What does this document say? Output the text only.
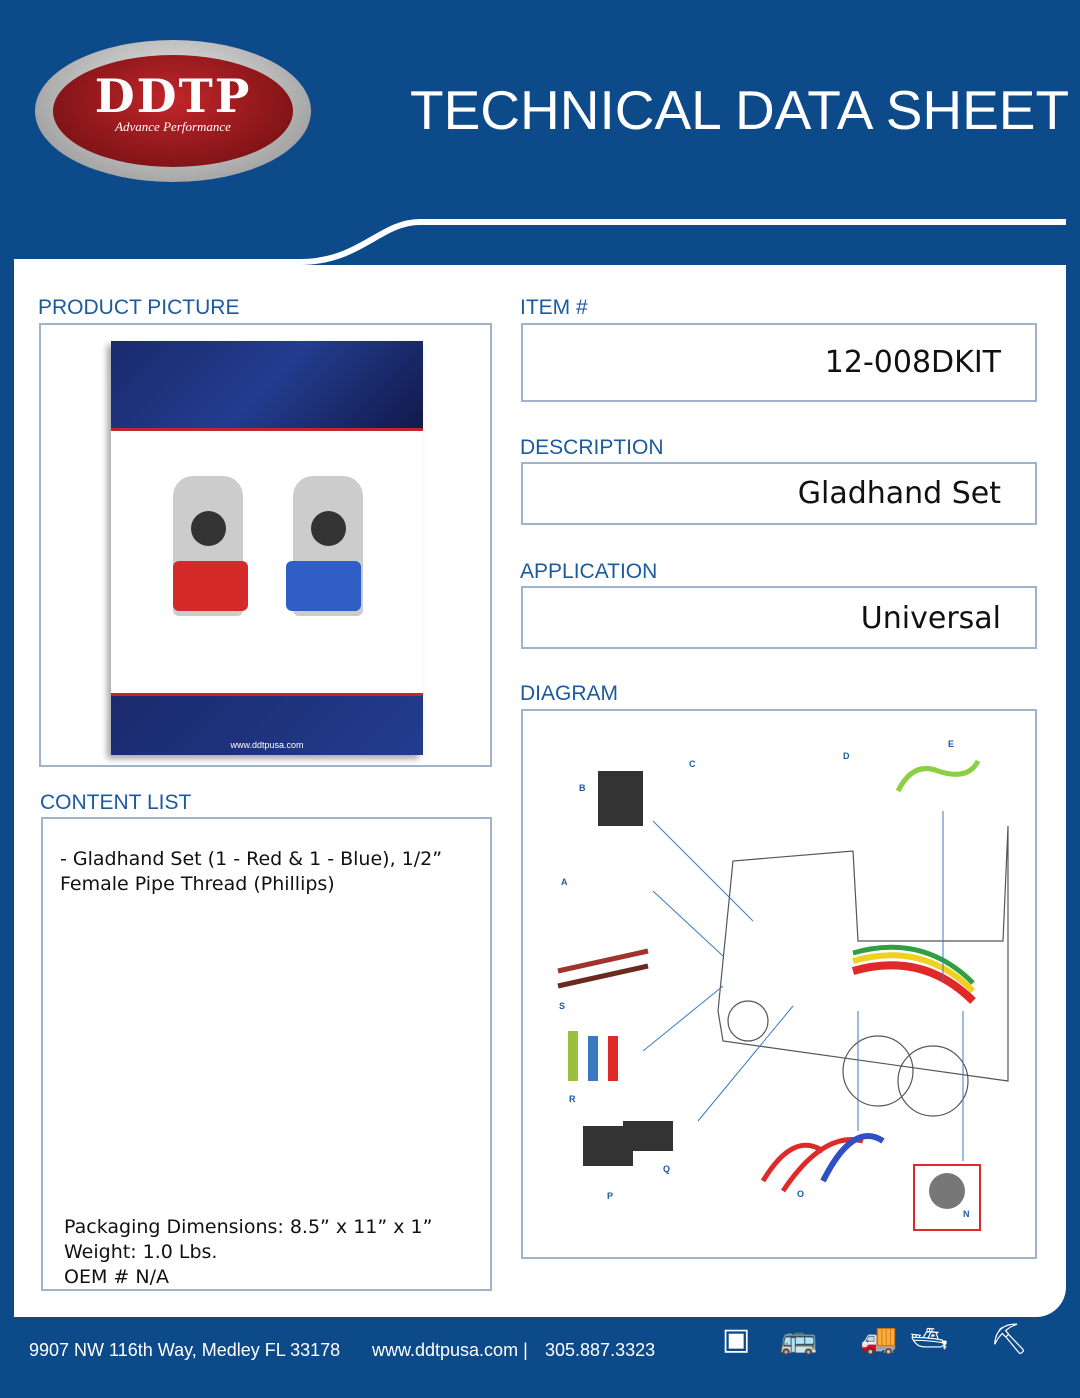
DDTP
Advance Performance	TECHNICAL DATA SHEET
PRODUCT PICTURE
www.ddtpusa.com
ITEM #
12-008DKIT
DESCRIPTION
Gladhand Set
APPLICATION
Universal
DIAGRAM
A
B
C
D
E
N
O
P
Q
R
S
CONTENT LIST
- Gladhand Set (1 - Red & 1 - Blue), 1/2” Female Pipe Thread (Phillips)
Packaging Dimensions: 8.5” x 11” x 1”
Weight: 1.0 Lbs.
OEM # N/A
9907 NW 116th Way, Medley FL 33178 www.ddtpusa.com | 305.887.3323 ▣ 🚌 🚚 🛥 ⛏
